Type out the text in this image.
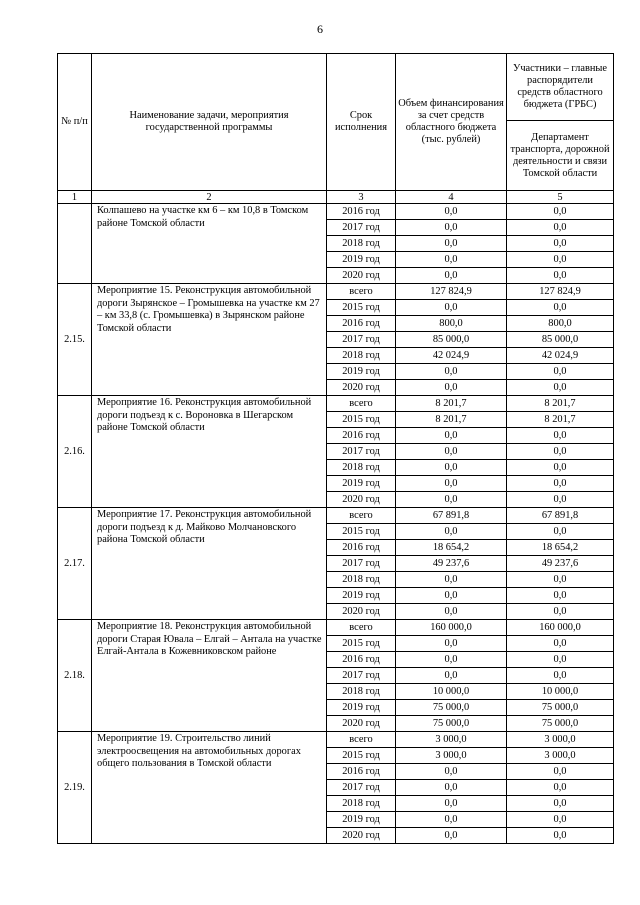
6
№ п/п	Наименование задачи, мероприятия государственной программы	Срок исполнения	Объем финансирования за счет средств областного бюджета (тыс. рублей)	Участники – главные распорядители средств областного бюджета (ГРБС)
				Департамент транспорта, дорожной деятельности и связи Томской области
1	2	3	4	5
	Колпашево на участке км 6 – км 10,8 в Томском районе Томской области	2016 год	0,0	0,0
		2017 год	0,0	0,0
		2018 год	0,0	0,0
		2019 год	0,0	0,0
		2020 год	0,0	0,0
2.15.	Мероприятие 15. Реконструкция автомобильной дороги Зырянское – Громышевка на участке км 27 – км 33,8 (с. Громышевка) в Зырянском районе Томской области	всего	127 824,9	127 824,9
		2015 год	0,0	0,0
		2016 год	800,0	800,0
		2017 год	85 000,0	85 000,0
		2018 год	42 024,9	42 024,9
		2019 год	0,0	0,0
		2020 год	0,0	0,0
2.16.	Мероприятие 16. Реконструкция автомобильной дороги подъезд к с. Вороновка в Шегарском районе Томской области	всего	8 201,7	8 201,7
		2015 год	8 201,7	8 201,7
		2016 год	0,0	0,0
		2017 год	0,0	0,0
		2018 год	0,0	0,0
		2019 год	0,0	0,0
		2020 год	0,0	0,0
2.17.	Мероприятие 17. Реконструкция автомобильной дороги подъезд к д. Майково Молчановского района Томской области	всего	67 891,8	67 891,8
		2015 год	0,0	0,0
		2016 год	18 654,2	18 654,2
		2017 год	49 237,6	49 237,6
		2018 год	0,0	0,0
		2019 год	0,0	0,0
		2020 год	0,0	0,0
2.18.	Мероприятие 18. Реконструкция автомобильной дороги Старая Ювала – Елгай – Антала на участке Елгай-Антала в Кожевниковском районе	всего	160 000,0	160 000,0
		2015 год	0,0	0,0
		2016 год	0,0	0,0
		2017 год	0,0	0,0
		2018 год	10 000,0	10 000,0
		2019 год	75 000,0	75 000,0
		2020 год	75 000,0	75 000,0
2.19.	Мероприятие 19. Строительство линий электроосвещения на автомобильных дорогах общего пользования в Томской области	всего	3 000,0	3 000,0
		2015 год	3 000,0	3 000,0
		2016 год	0,0	0,0
		2017 год	0,0	0,0
		2018 год	0,0	0,0
		2019 год	0,0	0,0
		2020 год	0,0	0,0
